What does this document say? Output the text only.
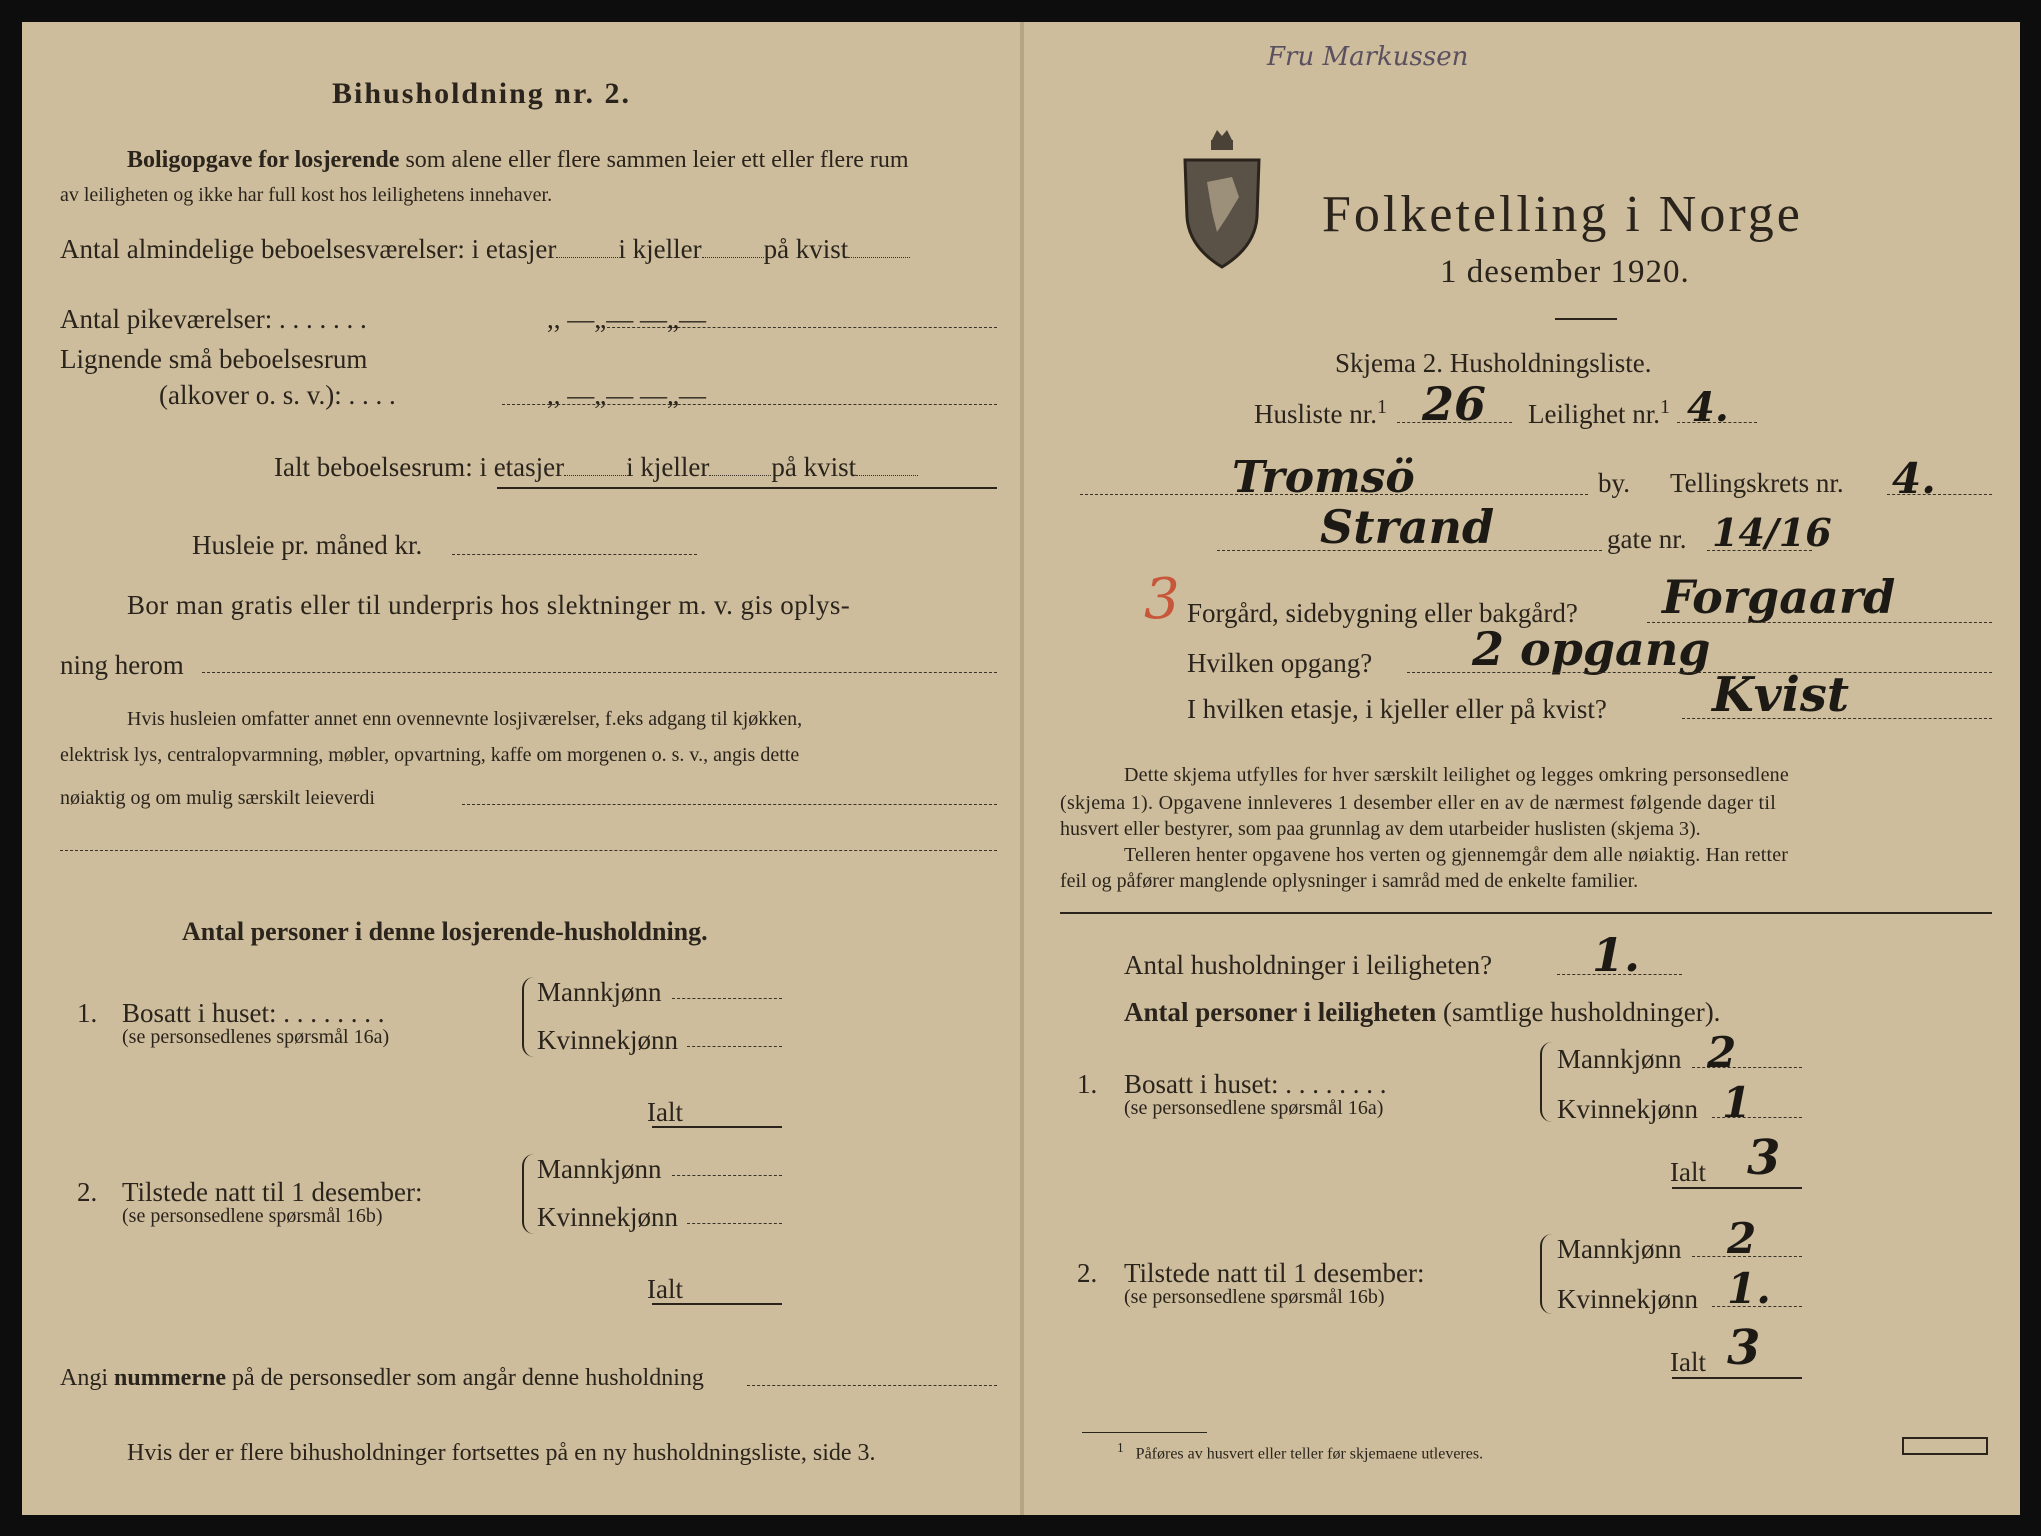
Bihusholdning nr. 2.
Boligopgave for losjerende som alene eller flere sammen leier ett eller flere rum
av leiligheten og ikke har full kost hos leilighetens innehaver.
Antal almindelige beboelsesværelser: i etasjer i kjeller på kvist
Antal pikeværelser: . . . . . . .	,, —„— —„—
Lignende små beboelsesrum
(alkover o. s. v.): . . . .	,, —„— —„—
Ialt beboelsesrum: i etasjer i kjeller på kvist
Husleie pr. måned kr.
Bor man gratis eller til underpris hos slektninger m. v. gis oplys-
ning herom
Hvis husleien omfatter annet enn ovennevnte losjiværelser, f.eks adgang til kjøkken,
elektrisk lys, centralopvarmning, møbler, opvartning, kaffe om morgenen o. s. v., angis dette
nøiaktig og om mulig særskilt leieverdi
Antal personer i denne losjerende-husholdning.
1. Bosatt i huset: . . . . . . . .
(se personsedlenes spørsmål 16a)
Mannkjønn
Kvinnekjønn
Ialt
2. Tilstede natt til 1 desember:
(se personsedlene spørsmål 16b)
Mannkjønn
Kvinnekjønn
Ialt
Angi nummerne på de personsedler som angår denne husholdning
Hvis der er flere bihusholdninger fortsettes på en ny husholdningsliste, side 3.
Fru Markussen
Folketelling i Norge
1 desember 1920.
Skjema 2. Husholdningsliste.
Husliste nr.$^1$ 26 Leilighet nr.$^1$ 4.
Tromsö	by. Tellingskrets nr. 4.
Strand	gate nr. 14/16
3 Forgård, sidebygning eller bakgård? Forgaard
Hvilken opgang? 2 opgang
I hvilken etasje, i kjeller eller på kvist? Kvist
Dette skjema utfylles for hver særskilt leilighet og legges omkring personsedlene
(skjema 1). Opgavene innleveres 1 desember eller en av de nærmest følgende dager til
husvert eller bestyrer, som paa grunnlag av dem utarbeider huslisten (skjema 3).
Telleren henter opgavene hos verten og gjennemgår dem alle nøiaktig. Han retter
feil og påfører manglende oplysninger i samråd med de enkelte familier.
Antal husholdninger i leiligheten? 1.
Antal personer i leiligheten (samtlige husholdninger).
1. Bosatt i huset: . . . . . . . .
(se personsedlene spørsmål 16a)
Mannkjønn 2
Kvinnekjønn 1
Ialt 3
2. Tilstede natt til 1 desember:
(se personsedlene spørsmål 16b)
Mannkjønn 2
Kvinnekjønn 1.
Ialt 3
$^1$ Påføres av husvert eller teller før skjemaene utleveres.
